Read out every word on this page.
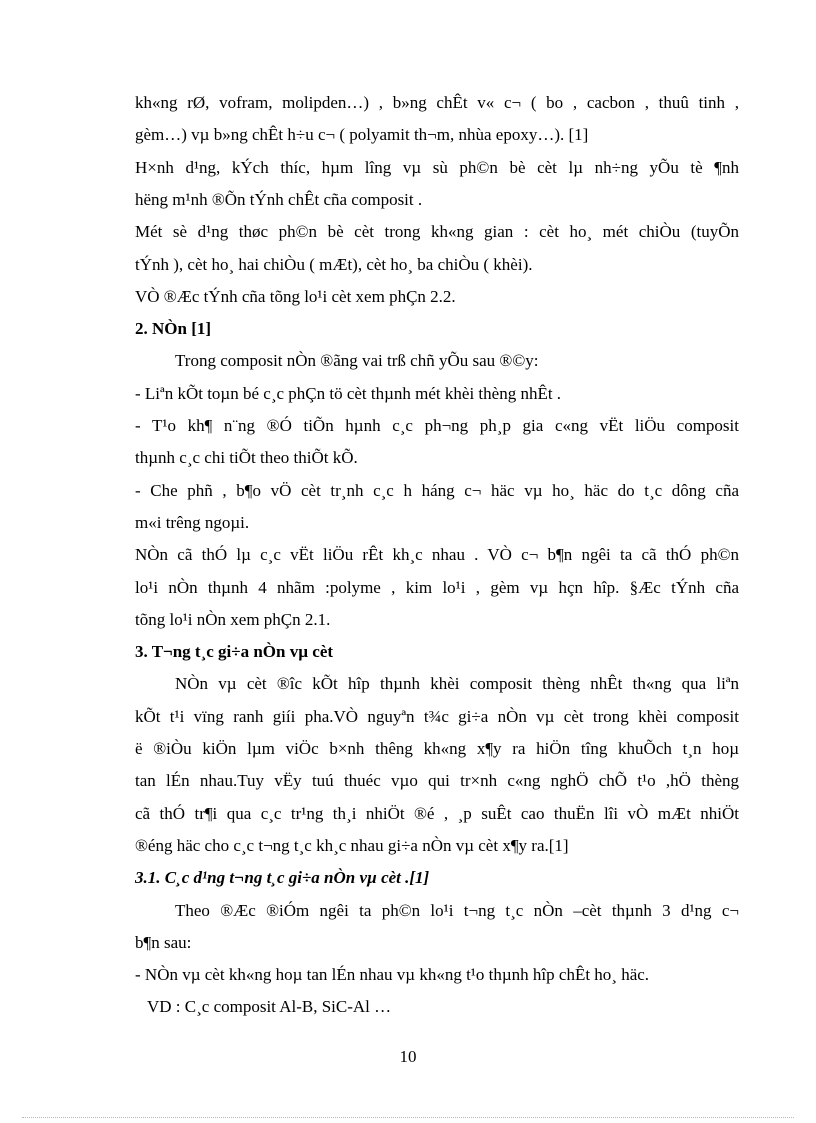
10
kh«ng rØ, vofram, molipden…) , b»ng chÊt v« c¬ ( bo , cacbon , thuû tinh ,
gèm…) vµ b»ng chÊt h÷u c¬ ( polyamit th¬m, nhùa epoxy…). [1]
H×nh d¹ng, kÝch thíc, hµm lîng vµ sù ph©n bè cèt lµ nh÷ng yÕu tè ¶nh
hëng m¹nh ®Õn tÝnh chÊt cña composit .
Mét sè d¹ng thøc ph©n bè cèt trong kh«ng gian : cèt ho¸ mét chiÒu (tuyÕn
tÝnh ), cèt ho¸ hai chiÒu ( mÆt), cèt ho¸ ba chiÒu ( khèi).
VÒ ®Æc tÝnh cña tõng lo¹i cèt xem phÇn 2.2.
2. NÒn [1]
Trong composit nÒn ®ãng vai trß chñ yÕu sau ®©y:
- Liªn kÕt toµn bé c¸c phÇn tö cèt thµnh mét khèi thèng nhÊt .
- T¹o kh¶ n¨ng ®Ó tiÕn hµnh c¸c ph¬ng ph¸p gia c«ng vËt liÖu composit
thµnh c¸c chi tiÕt theo thiÕt kÕ.
- Che phñ , b¶o vÖ cèt tr¸nh c¸c h háng c¬ häc vµ ho¸ häc do t¸c dông cña
m«i trêng ngoµi.
NÒn cã thÓ lµ c¸c vËt liÖu rÊt kh¸c nhau . VÒ c¬ b¶n ngêi ta cã thÓ ph©n
lo¹i nÒn thµnh 4 nhãm :polyme , kim lo¹i , gèm vµ hçn hîp. §Æc tÝnh cña
tõng lo¹i nÒn xem phÇn 2.1.
3. T¬ng t¸c gi÷a nÒn vµ cèt
NÒn vµ cèt ®îc kÕt hîp thµnh khèi composit thèng nhÊt th«ng qua liªn
kÕt t¹i vïng ranh giíi pha.VÒ nguyªn t¾c gi÷a nÒn vµ cèt trong khèi composit
ë ®iÒu kiÖn lµm viÖc b×nh thêng kh«ng x¶y ra hiÖn tîng khuÕch t¸n hoµ
tan lÉn nhau.Tuy vËy tuú thuéc vµo qui tr×nh c«ng nghÖ chÕ t¹o ,hÖ thèng
cã thÓ tr¶i qua c¸c tr¹ng th¸i nhiÖt ®é , ¸p suÊt cao thuËn lîi vÒ mÆt nhiÖt
®éng häc cho c¸c t¬ng t¸c kh¸c nhau gi÷a nÒn vµ cèt x¶y ra.[1]
3.1. C¸c d¹ng t¬ng t¸c gi÷a nÒn vµ cèt .[1]
Theo ®Æc ®iÓm ngêi ta ph©n lo¹i t¬ng t¸c nÒn –cèt thµnh 3 d¹ng c¬
b¶n sau:
- NÒn vµ cèt kh«ng hoµ tan lÉn nhau vµ kh«ng t¹o thµnh hîp chÊt ho¸ häc.
VD : C¸c composit Al-B, SiC-Al …
